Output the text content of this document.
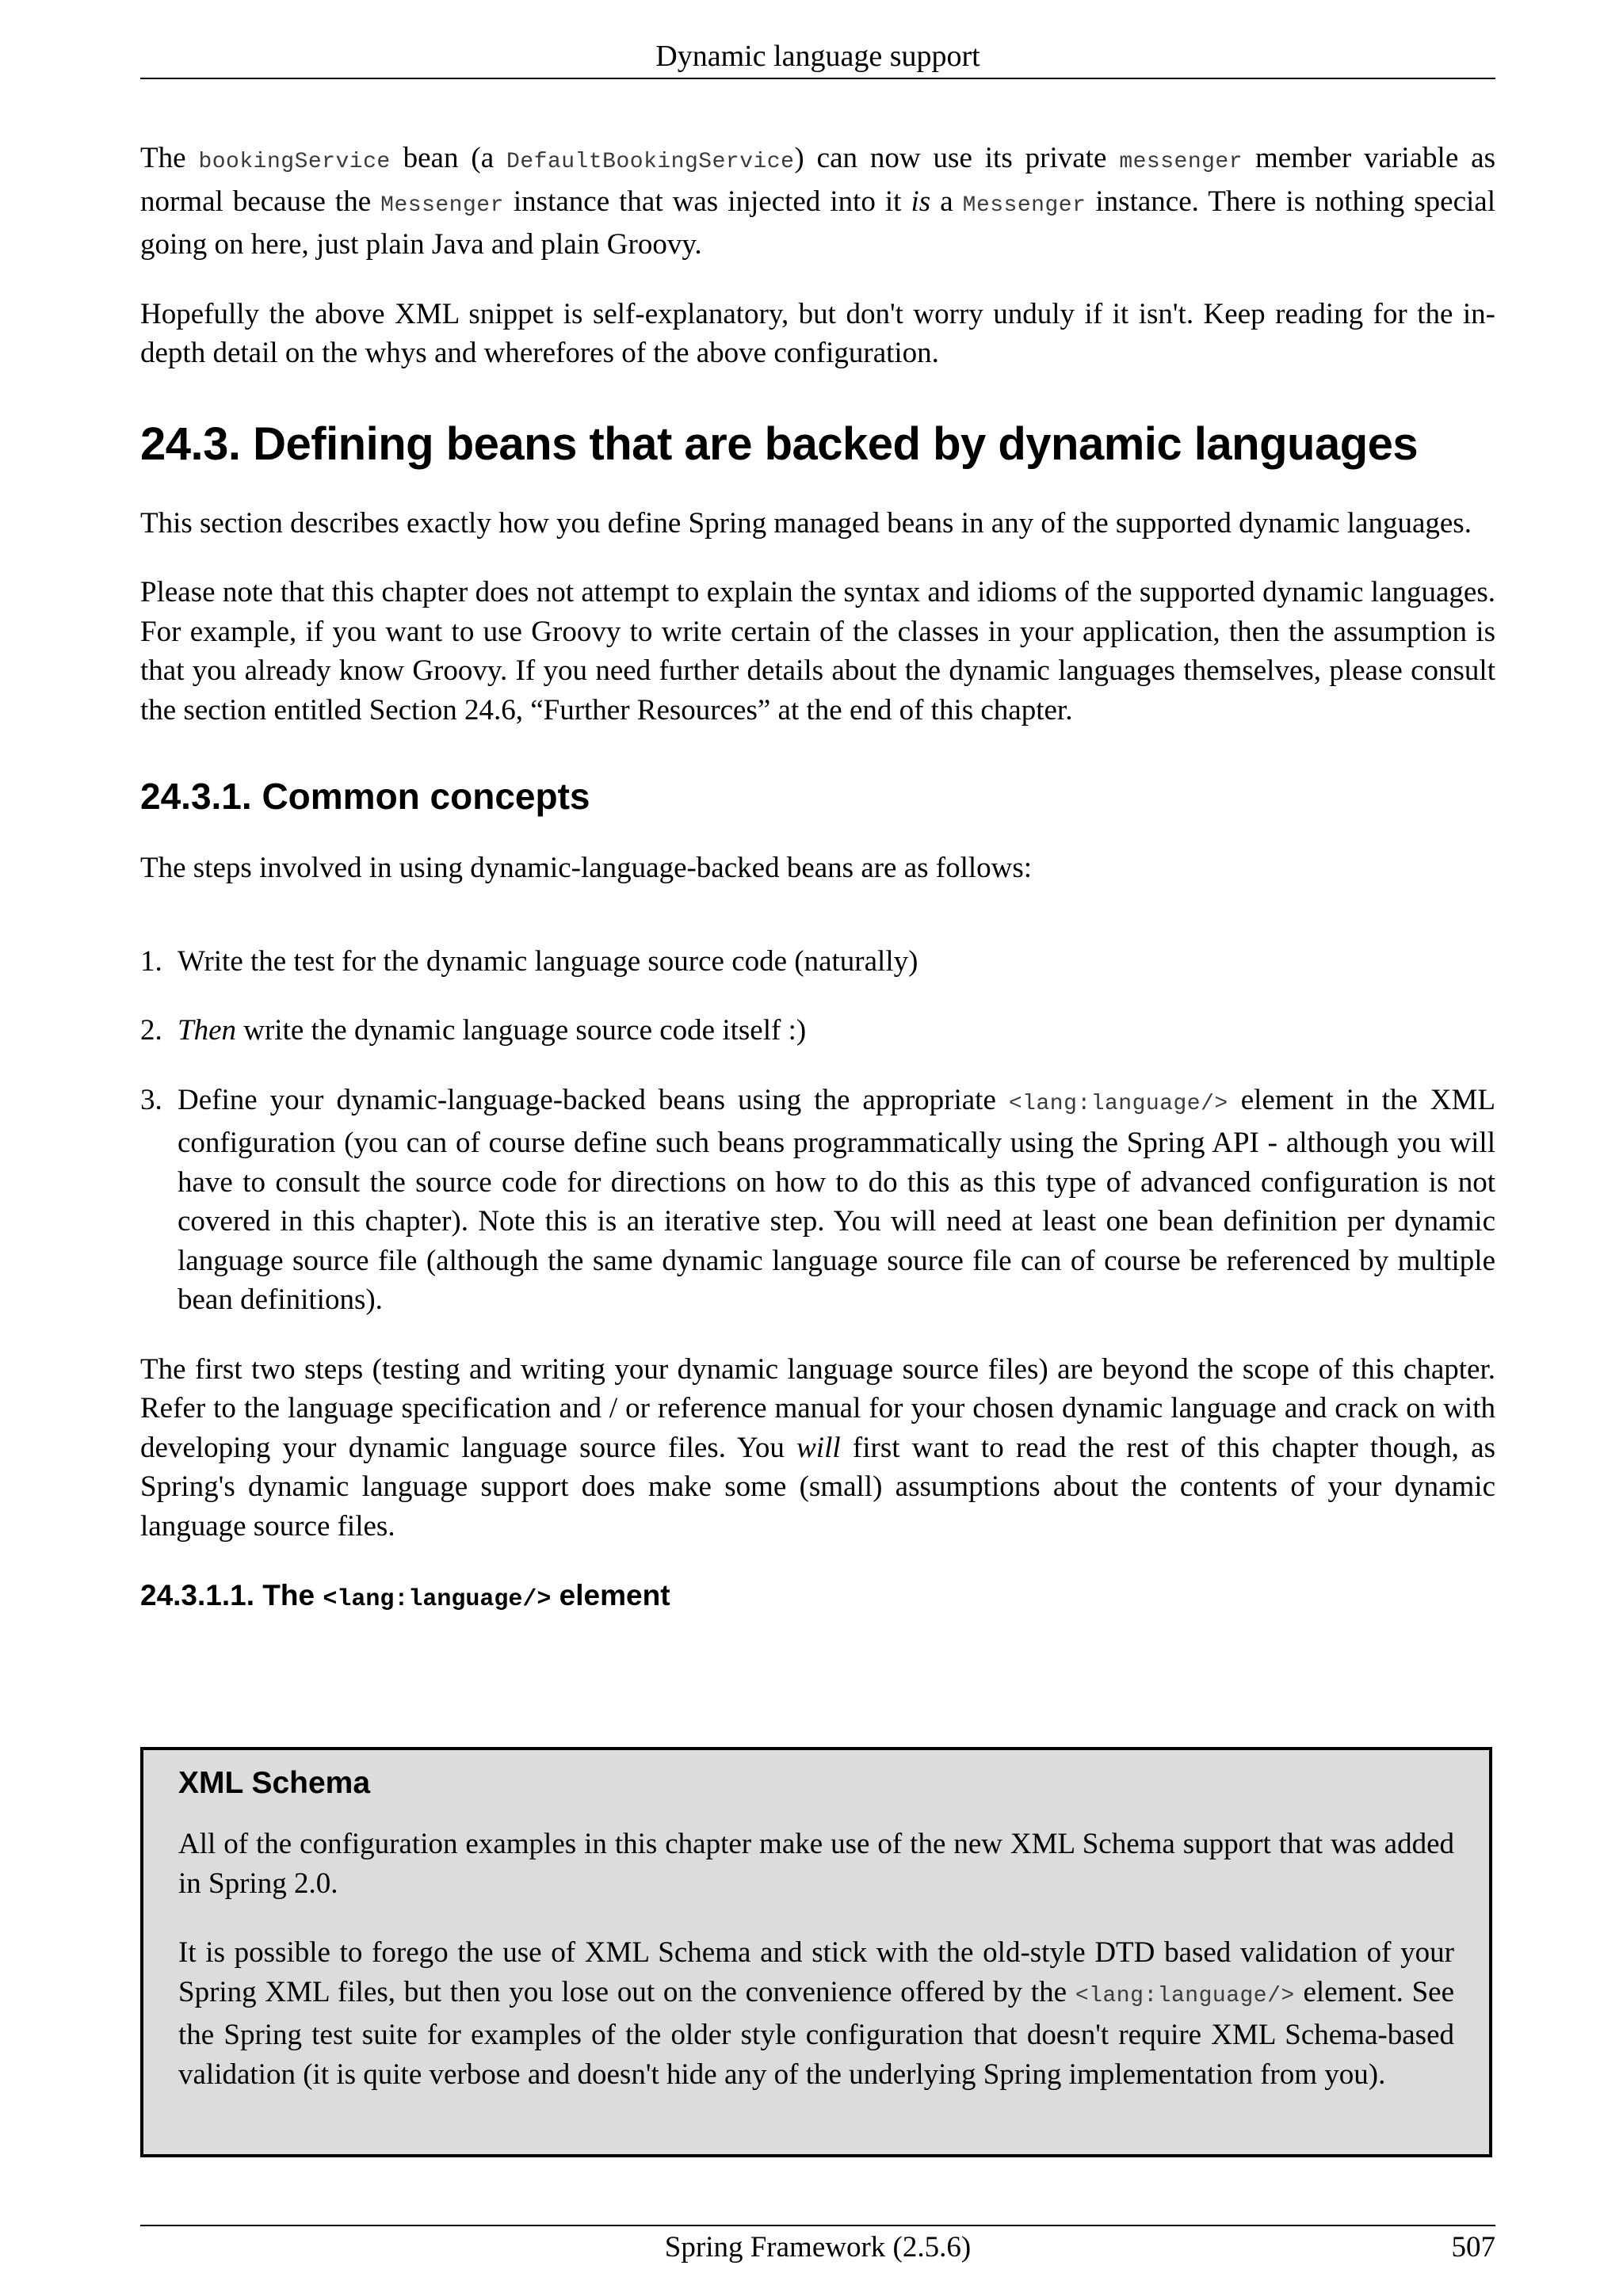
Dynamic language support

The bookingService bean (a DefaultBookingService) can now use its private messenger member variable as normal because the Messenger instance that was injected into it is a Messenger instance. There is nothing special going on here, just plain Java and plain Groovy.

Hopefully the above XML snippet is self-explanatory, but don't worry unduly if it isn't. Keep reading for the in-depth detail on the whys and wherefores of the above configuration.

24.3. Defining beans that are backed by dynamic languages

This section describes exactly how you define Spring managed beans in any of the supported dynamic languages.

Please note that this chapter does not attempt to explain the syntax and idioms of the supported dynamic languages. For example, if you want to use Groovy to write certain of the classes in your application, then the assumption is that you already know Groovy. If you need further details about the dynamic languages themselves, please consult the section entitled Section 24.6, “Further Resources” at the end of this chapter.

24.3.1. Common concepts

The steps involved in using dynamic-language-backed beans are as follows:

1. Write the test for the dynamic language source code (naturally)

2. Then write the dynamic language source code itself :)

3. Define your dynamic-language-backed beans using the appropriate <lang:language/> element in the XML configuration (you can of course define such beans programmatically using the Spring API - although you will have to consult the source code for directions on how to do this as this type of advanced configuration is not covered in this chapter). Note this is an iterative step. You will need at least one bean definition per dynamic language source file (although the same dynamic language source file can of course be referenced by multiple bean definitions).

The first two steps (testing and writing your dynamic language source files) are beyond the scope of this chapter. Refer to the language specification and / or reference manual for your chosen dynamic language and crack on with developing your dynamic language source files. You will first want to read the rest of this chapter though, as Spring's dynamic language support does make some (small) assumptions about the contents of your dynamic language source files.

24.3.1.1. The <lang:language/> element
XML Schema

All of the configuration examples in this chapter make use of the new XML Schema support that was added in Spring 2.0.

It is possible to forego the use of XML Schema and stick with the old-style DTD based validation of your Spring XML files, but then you lose out on the convenience offered by the <lang:language/> element. See the Spring test suite for examples of the older style configuration that doesn't require XML Schema-based validation (it is quite verbose and doesn't hide any of the underlying Spring implementation from you).

Spring Framework (2.5.6)	507
